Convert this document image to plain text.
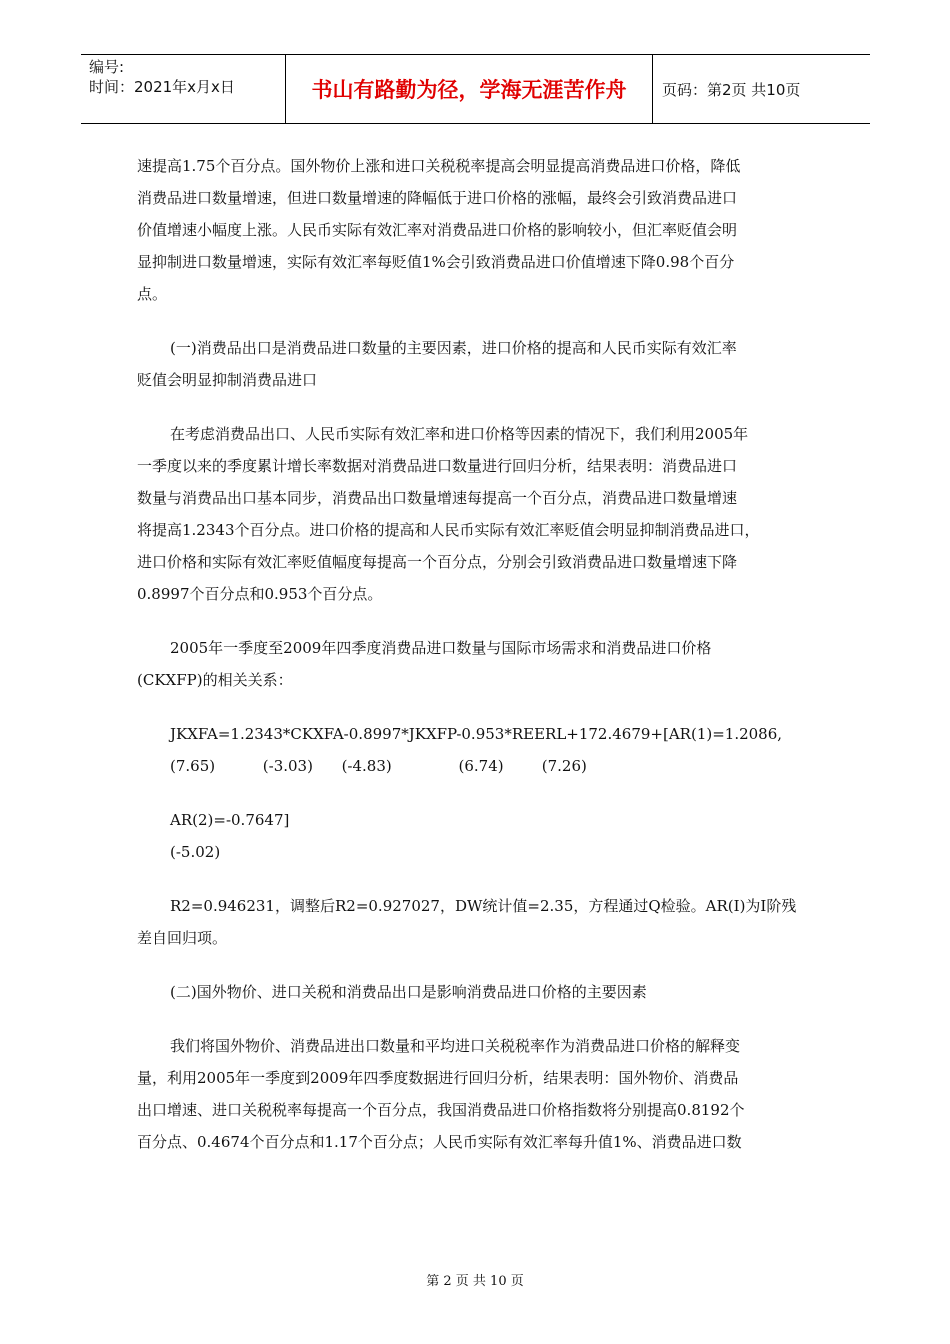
编号:
时间：2021年x月x日	书山有路勤为径，学海无涯苦作舟	页码：第2页 共10页
速提高1.75个百分点。国外物价上涨和进口关税税率提高会明显提高消费品进口价格，降低
消费品进口数量增速，但进口数量增速的降幅低于进口价格的涨幅，最终会引致消费品进口
价值增速小幅度上涨。人民币实际有效汇率对消费品进口价格的影响较小，但汇率贬值会明
显抑制进口数量增速，实际有效汇率每贬值1%会引致消费品进口价值增速下降0.98个百分
点。
(一)消费品出口是消费品进口数量的主要因素，进口价格的提高和人民币实际有效汇率
贬值会明显抑制消费品进口
在考虑消费品出口、人民币实际有效汇率和进口价格等因素的情况下，我们利用2005年
一季度以来的季度累计增长率数据对消费品进口数量进行回归分析，结果表明：消费品进口
数量与消费品出口基本同步，消费品出口数量增速每提高一个百分点，消费品进口数量增速
将提高1.2343个百分点。进口价格的提高和人民币实际有效汇率贬值会明显抑制消费品进口，
进口价格和实际有效汇率贬值幅度每提高一个百分点，分别会引致消费品进口数量增速下降
0.8997个百分点和0.953个百分点。
2005年一季度至2009年四季度消费品进口数量与国际市场需求和消费品进口价格
(CKXFP)的相关关系：
JKXFA=1.2343*CKXFA-0.8997*JKXFP-0.953*REERL+172.4679+[AR(1)=1.2086,
(7.65)          (-3.03)      (-4.83)              (6.74)        (7.26)
AR(2)=-0.7647]
(-5.02)
R2=0.946231，调整后R2=0.927027，DW统计值=2.35，方程通过Q检验。AR(I)为I阶残
差自回归项。
(二)国外物价、进口关税和消费品出口是影响消费品进口价格的主要因素
我们将国外物价、消费品进出口数量和平均进口关税税率作为消费品进口价格的解释变
量，利用2005年一季度到2009年四季度数据进行回归分析，结果表明：国外物价、消费品
出口增速、进口关税税率每提高一个百分点，我国消费品进口价格指数将分别提高0.8192个
百分点、0.4674个百分点和1.17个百分点；人民币实际有效汇率每升值1%、消费品进口数
第 2 页 共 10 页
